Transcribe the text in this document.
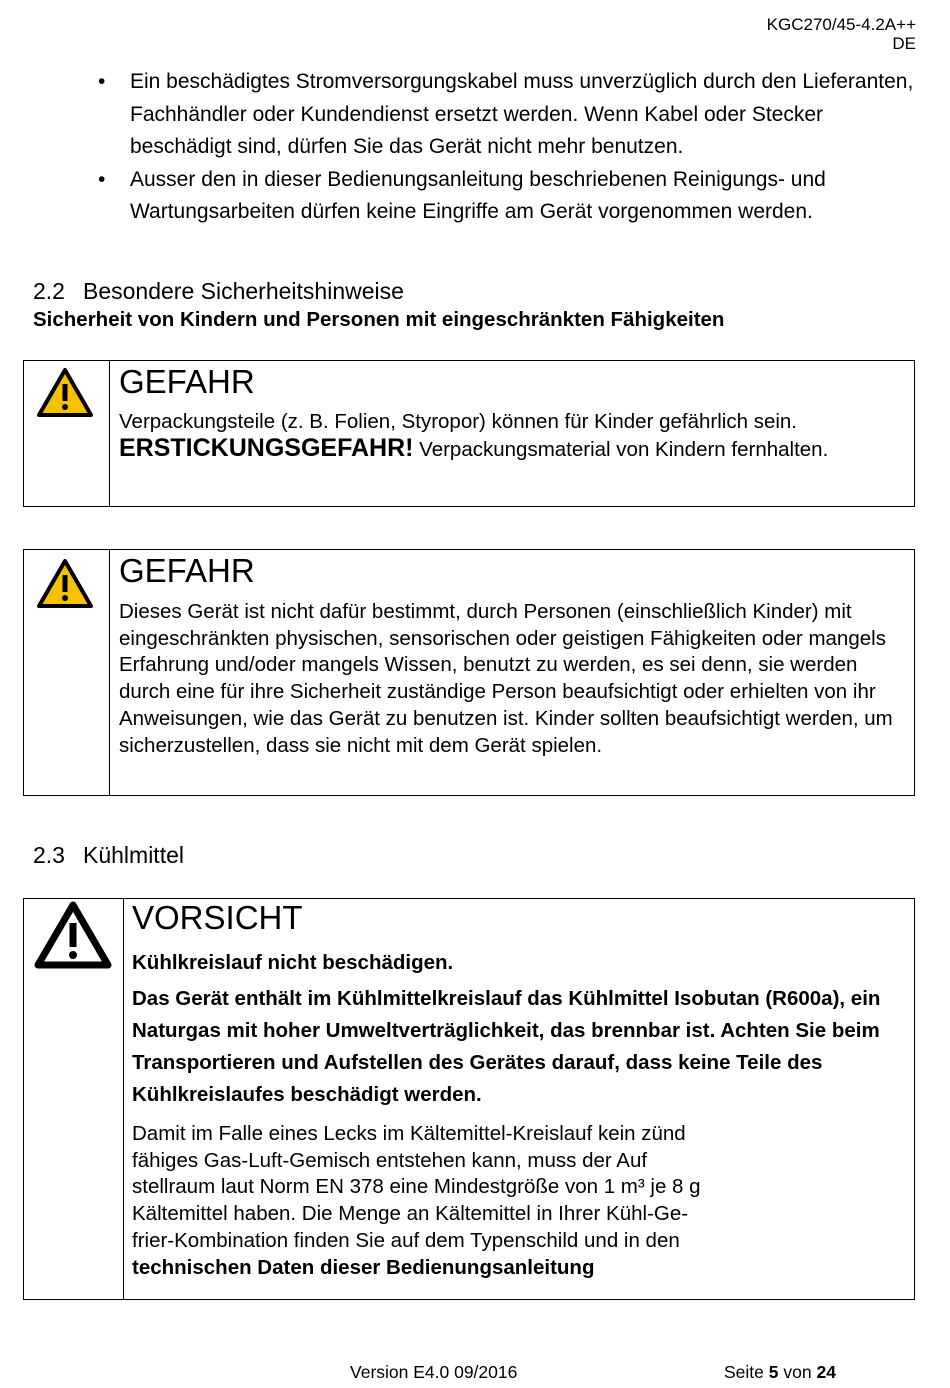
KGC270/45-4.2A++
DE
• Ein beschädigtes Stromversorgungskabel muss unverzüglich durch den Lieferanten, Fachhändler oder Kundendienst ersetzt werden. Wenn Kabel oder Stecker beschädigt sind, dürfen Sie das Gerät nicht mehr benutzen.
• Ausser den in dieser Bedienungsanleitung beschriebenen Reinigungs- und Wartungsarbeiten dürfen keine Eingriffe am Gerät vorgenommen werden.
2.2 Besondere Sicherheitshinweise
Sicherheit von Kindern und Personen mit eingeschränkten Fähigkeiten
GEFAHR
Verpackungsteile (z. B. Folien, Styropor) können für Kinder gefährlich sein.
ERSTICKUNGSGEFAHR! Verpackungsmaterial von Kindern fernhalten.
GEFAHR
Dieses Gerät ist nicht dafür bestimmt, durch Personen (einschließlich Kinder) mit eingeschränkten physischen, sensorischen oder geistigen Fähigkeiten oder mangels Erfahrung und/oder mangels Wissen, benutzt zu werden, es sei denn, sie werden durch eine für ihre Sicherheit zuständige Person beaufsichtigt oder erhielten von ihr Anweisungen, wie das Gerät zu benutzen ist. Kinder sollten beaufsichtigt werden, um sicherzustellen, dass sie nicht mit dem Gerät spielen.
2.3 Kühlmittel
VORSICHT
Kühlkreislauf nicht beschädigen.
Das Gerät enthält im Kühlmittelkreislauf das Kühlmittel Isobutan (R600a), ein Naturgas mit hoher Umweltverträglichkeit, das brennbar ist. Achten Sie beim Transportieren und Aufstellen des Gerätes darauf, dass keine Teile des Kühlkreislaufes beschädigt werden.
Damit im Falle eines Lecks im Kältemittel-Kreislauf kein zünd
fähiges Gas-Luft-Gemisch entstehen kann, muss der Auf
stellraum laut Norm EN 378 eine Mindestgröße von 1 m³ je 8 g
Kältemittel haben. Die Menge an Kältemittel in Ihrer Kühl-Ge-
frier-Kombination finden Sie auf dem Typenschild und in den
technischen Daten dieser Bedienungsanleitung
Version E4.0 09/2016	Seite 5 von 24
